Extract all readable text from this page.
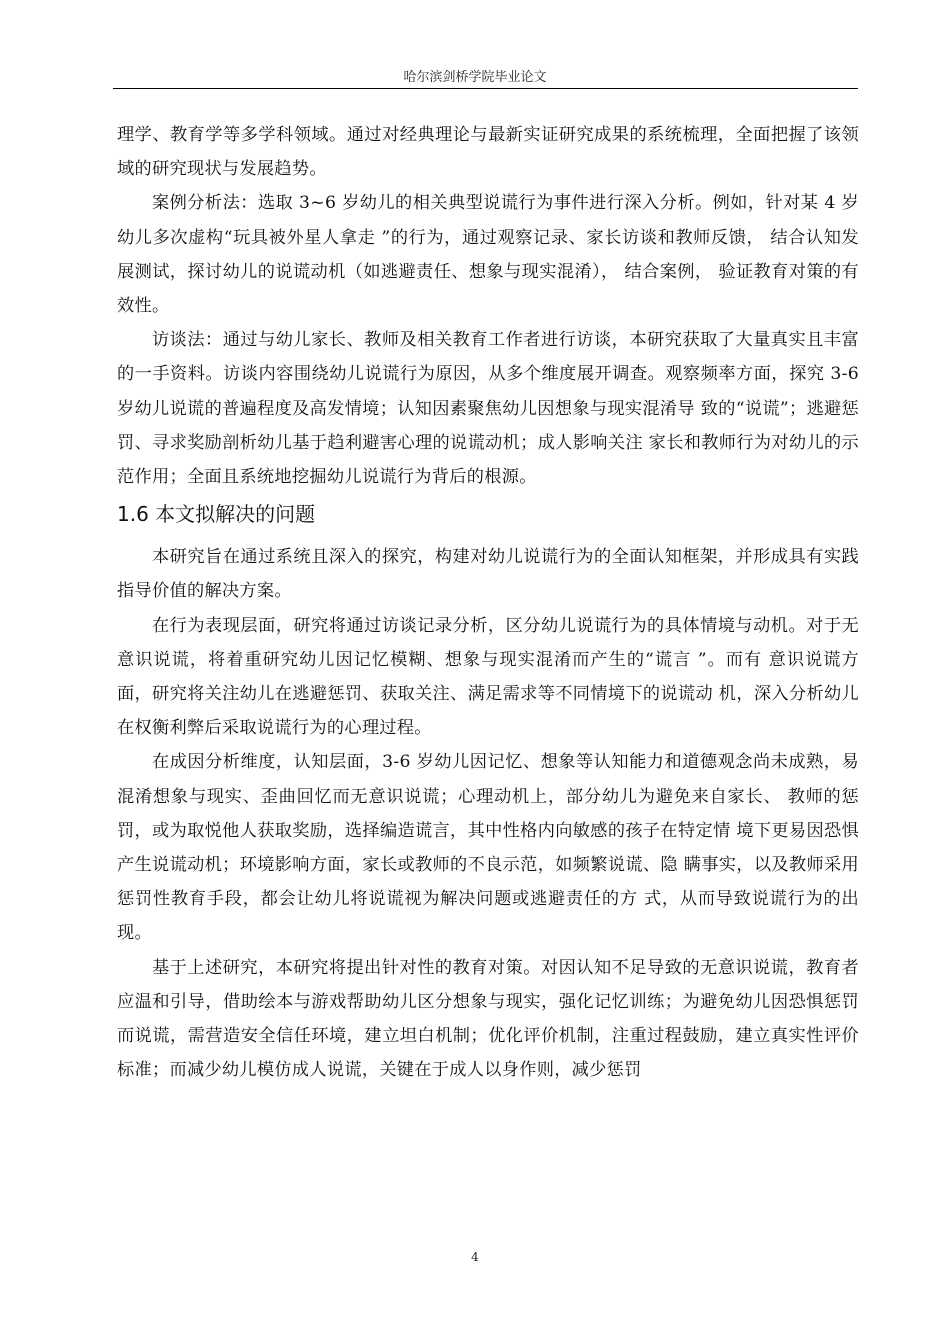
哈尔滨剑桥学院毕业论文

理学、教育学等多学科领域。通过对经典理论与最新实证研究成果的系统梳理，全面把握了该领域的研究现状与发展趋势。

案例分析法：选取 3~6 岁幼儿的相关典型说谎行为事件进行深入分析。例如，针对某 4 岁幼儿多次虚构“玩具被外星人拿走 ”的行为，通过观察记录、家长访谈和教师反馈， 结合认知发展测试，探讨幼儿的说谎动机（如逃避责任、想象与现实混淆）， 结合案例， 验证教育对策的有效性。

访谈法：通过与幼儿家长、教师及相关教育工作者进行访谈，本研究获取了大量真实且丰富的一手资料。访谈内容围绕幼儿说谎行为原因，从多个维度展开调查。观察频率方面，探究 3-6 岁幼儿说谎的普遍程度及高发情境；认知因素聚焦幼儿因想象与现实混淆导 致的“说谎”；逃避惩罚、寻求奖励剖析幼儿基于趋利避害心理的说谎动机；成人影响关注 家长和教师行为对幼儿的示范作用；全面且系统地挖掘幼儿说谎行为背后的根源。

1.6 本文拟解决的问题

本研究旨在通过系统且深入的探究，构建对幼儿说谎行为的全面认知框架，并形成具有实践指导价值的解决方案。

在行为表现层面，研究将通过访谈记录分析，区分幼儿说谎行为的具体情境与动机。对于无意识说谎，将着重研究幼儿因记忆模糊、想象与现实混淆而产生的“谎言 ”。而有 意识说谎方面，研究将关注幼儿在逃避惩罚、获取关注、满足需求等不同情境下的说谎动 机，深入分析幼儿在权衡利弊后采取说谎行为的心理过程。

在成因分析维度，认知层面，3-6 岁幼儿因记忆、想象等认知能力和道德观念尚未成熟，易混淆想象与现实、歪曲回忆而无意识说谎；心理动机上，部分幼儿为避免来自家长、 教师的惩罚，或为取悦他人获取奖励，选择编造谎言，其中性格内向敏感的孩子在特定情 境下更易因恐惧产生说谎动机；环境影响方面，家长或教师的不良示范，如频繁说谎、隐 瞒事实，以及教师采用惩罚性教育手段，都会让幼儿将说谎视为解决问题或逃避责任的方 式，从而导致说谎行为的出现。

基于上述研究，本研究将提出针对性的教育对策。对因认知不足导致的无意识说谎，教育者应温和引导，借助绘本与游戏帮助幼儿区分想象与现实，强化记忆训练；为避免幼儿因恐惧惩罚而说谎，需营造安全信任环境，建立坦白机制；优化评价机制，注重过程鼓励，建立真实性评价标准；而减少幼儿模仿成人说谎，关键在于成人以身作则，减少惩罚

4
